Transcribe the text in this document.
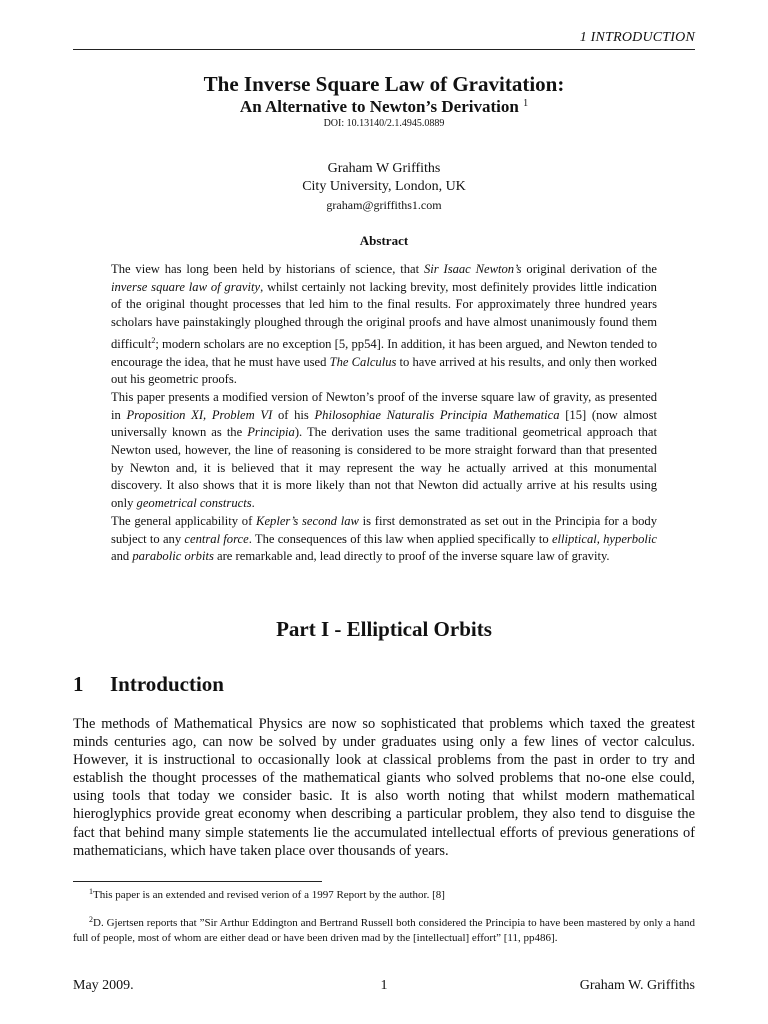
1 INTRODUCTION
The Inverse Square Law of Gravitation:
An Alternative to Newton’s Derivation $^1$
DOI: 10.13140/2.1.4945.0889
Graham W Griffiths
City University, London, UK
graham@griffiths1.com
Abstract

The view has long been held by historians of science, that Sir Isaac Newton’s original derivation of the inverse square law of gravity, whilst certainly not lacking brevity, most definitely provides little indication of the original thought processes that led him to the final results. For approximately three hundred years scholars have painstakingly ploughed through the original proofs and have almost unanimously found them difficult$^2$; modern scholars are no exception [5, pp54]. In addition, it has been argued, and Newton tended to encourage the idea, that he must have used The Calculus to have arrived at his results, and only then worked out his geometric proofs.

This paper presents a modified version of Newton’s proof of the inverse square law of gravity, as presented in Proposition XI, Problem VI of his Philosophiae Naturalis Principia Mathematica [15] (now almost universally known as the Principia). The derivation uses the same traditional geometrical approach that Newton used, however, the line of reasoning is considered to be more straight forward than that presented by Newton and, it is believed that it may represent the way he actually arrived at this monumental discovery. It also shows that it is more likely than not that Newton did actually arrive at his results using only geometrical constructs.

The general applicability of Kepler’s second law is first demonstrated as set out in the Principia for a body subject to any central force. The consequences of this law when applied specifically to elliptical, hyperbolic and parabolic orbits are remarkable and, lead directly to proof of the inverse square law of gravity.

Part I - Elliptical Orbits
1 Introduction

The methods of Mathematical Physics are now so sophisticated that problems which taxed the greatest minds centuries ago, can now be solved by under graduates using only a few lines of vector calculus. However, it is instructional to occasionally look at classical problems from the past in order to try and establish the thought processes of the mathematical giants who solved problems that no-one else could, using tools that today we consider basic. It is also worth noting that whilst modern mathematical hieroglyphics provide great economy when describing a particular problem, they also tend to disguise the fact that behind many simple statements lie the accumulated intellectual efforts of previous generations of mathematicians, which have taken place over thousands of years.

$^1$This paper is an extended and revised verion of a 1997 Report by the author. [8]

$^2$D. Gjertsen reports that ”Sir Arthur Eddington and Bertrand Russell both considered the Principia to have been mastered by only a hand full of people, most of whom are either dead or have been driven mad by the [intellectual] effort” [11, pp486].

May 2009.	1	Graham W. Griffiths
